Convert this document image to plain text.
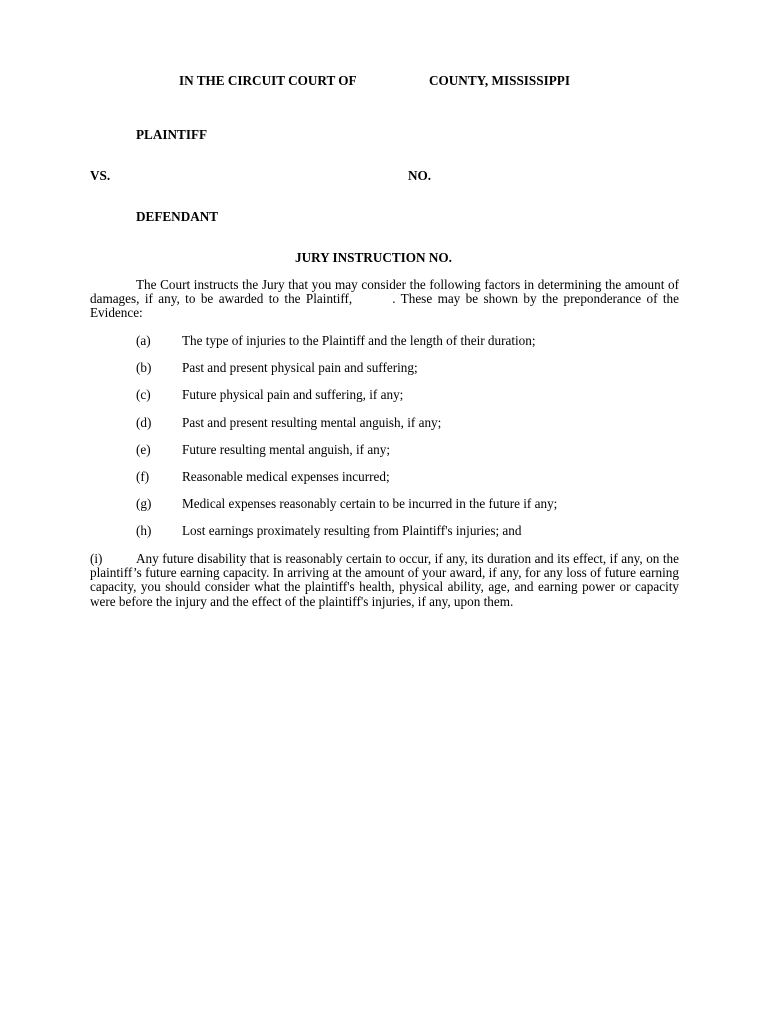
IN THE CIRCUIT COURT OF	COUNTY, MISSISSIPPI
PLAINTIFF
VS.	NO.
DEFENDANT
JURY INSTRUCTION NO.
The Court instructs the Jury that you may consider the following factors in determining the amount of damages, if any, to be awarded to the Plaintiff,	. These may be shown by the preponderance of the Evidence:
(a) The type of injuries to the Plaintiff and the length of their duration;
(b) Past and present physical pain and suffering;
(c) Future physical pain and suffering, if any;
(d) Past and present resulting mental anguish, if any;
(e) Future resulting mental anguish, if any;
(f) Reasonable medical expenses incurred;
(g) Medical expenses reasonably certain to be incurred in the future if any;
(h) Lost earnings proximately resulting from Plaintiff's injuries; and
(i)	Any future disability that is reasonably certain to occur, if any, its duration and its effect, if any, on the plaintiff’s future earning capacity. In arriving at the amount of your award, if any, for any loss of future earning capacity, you should consider what the plaintiff's health, physical ability, age, and earning power or capacity were before the injury and the effect of the plaintiff's injuries, if any, upon them.
